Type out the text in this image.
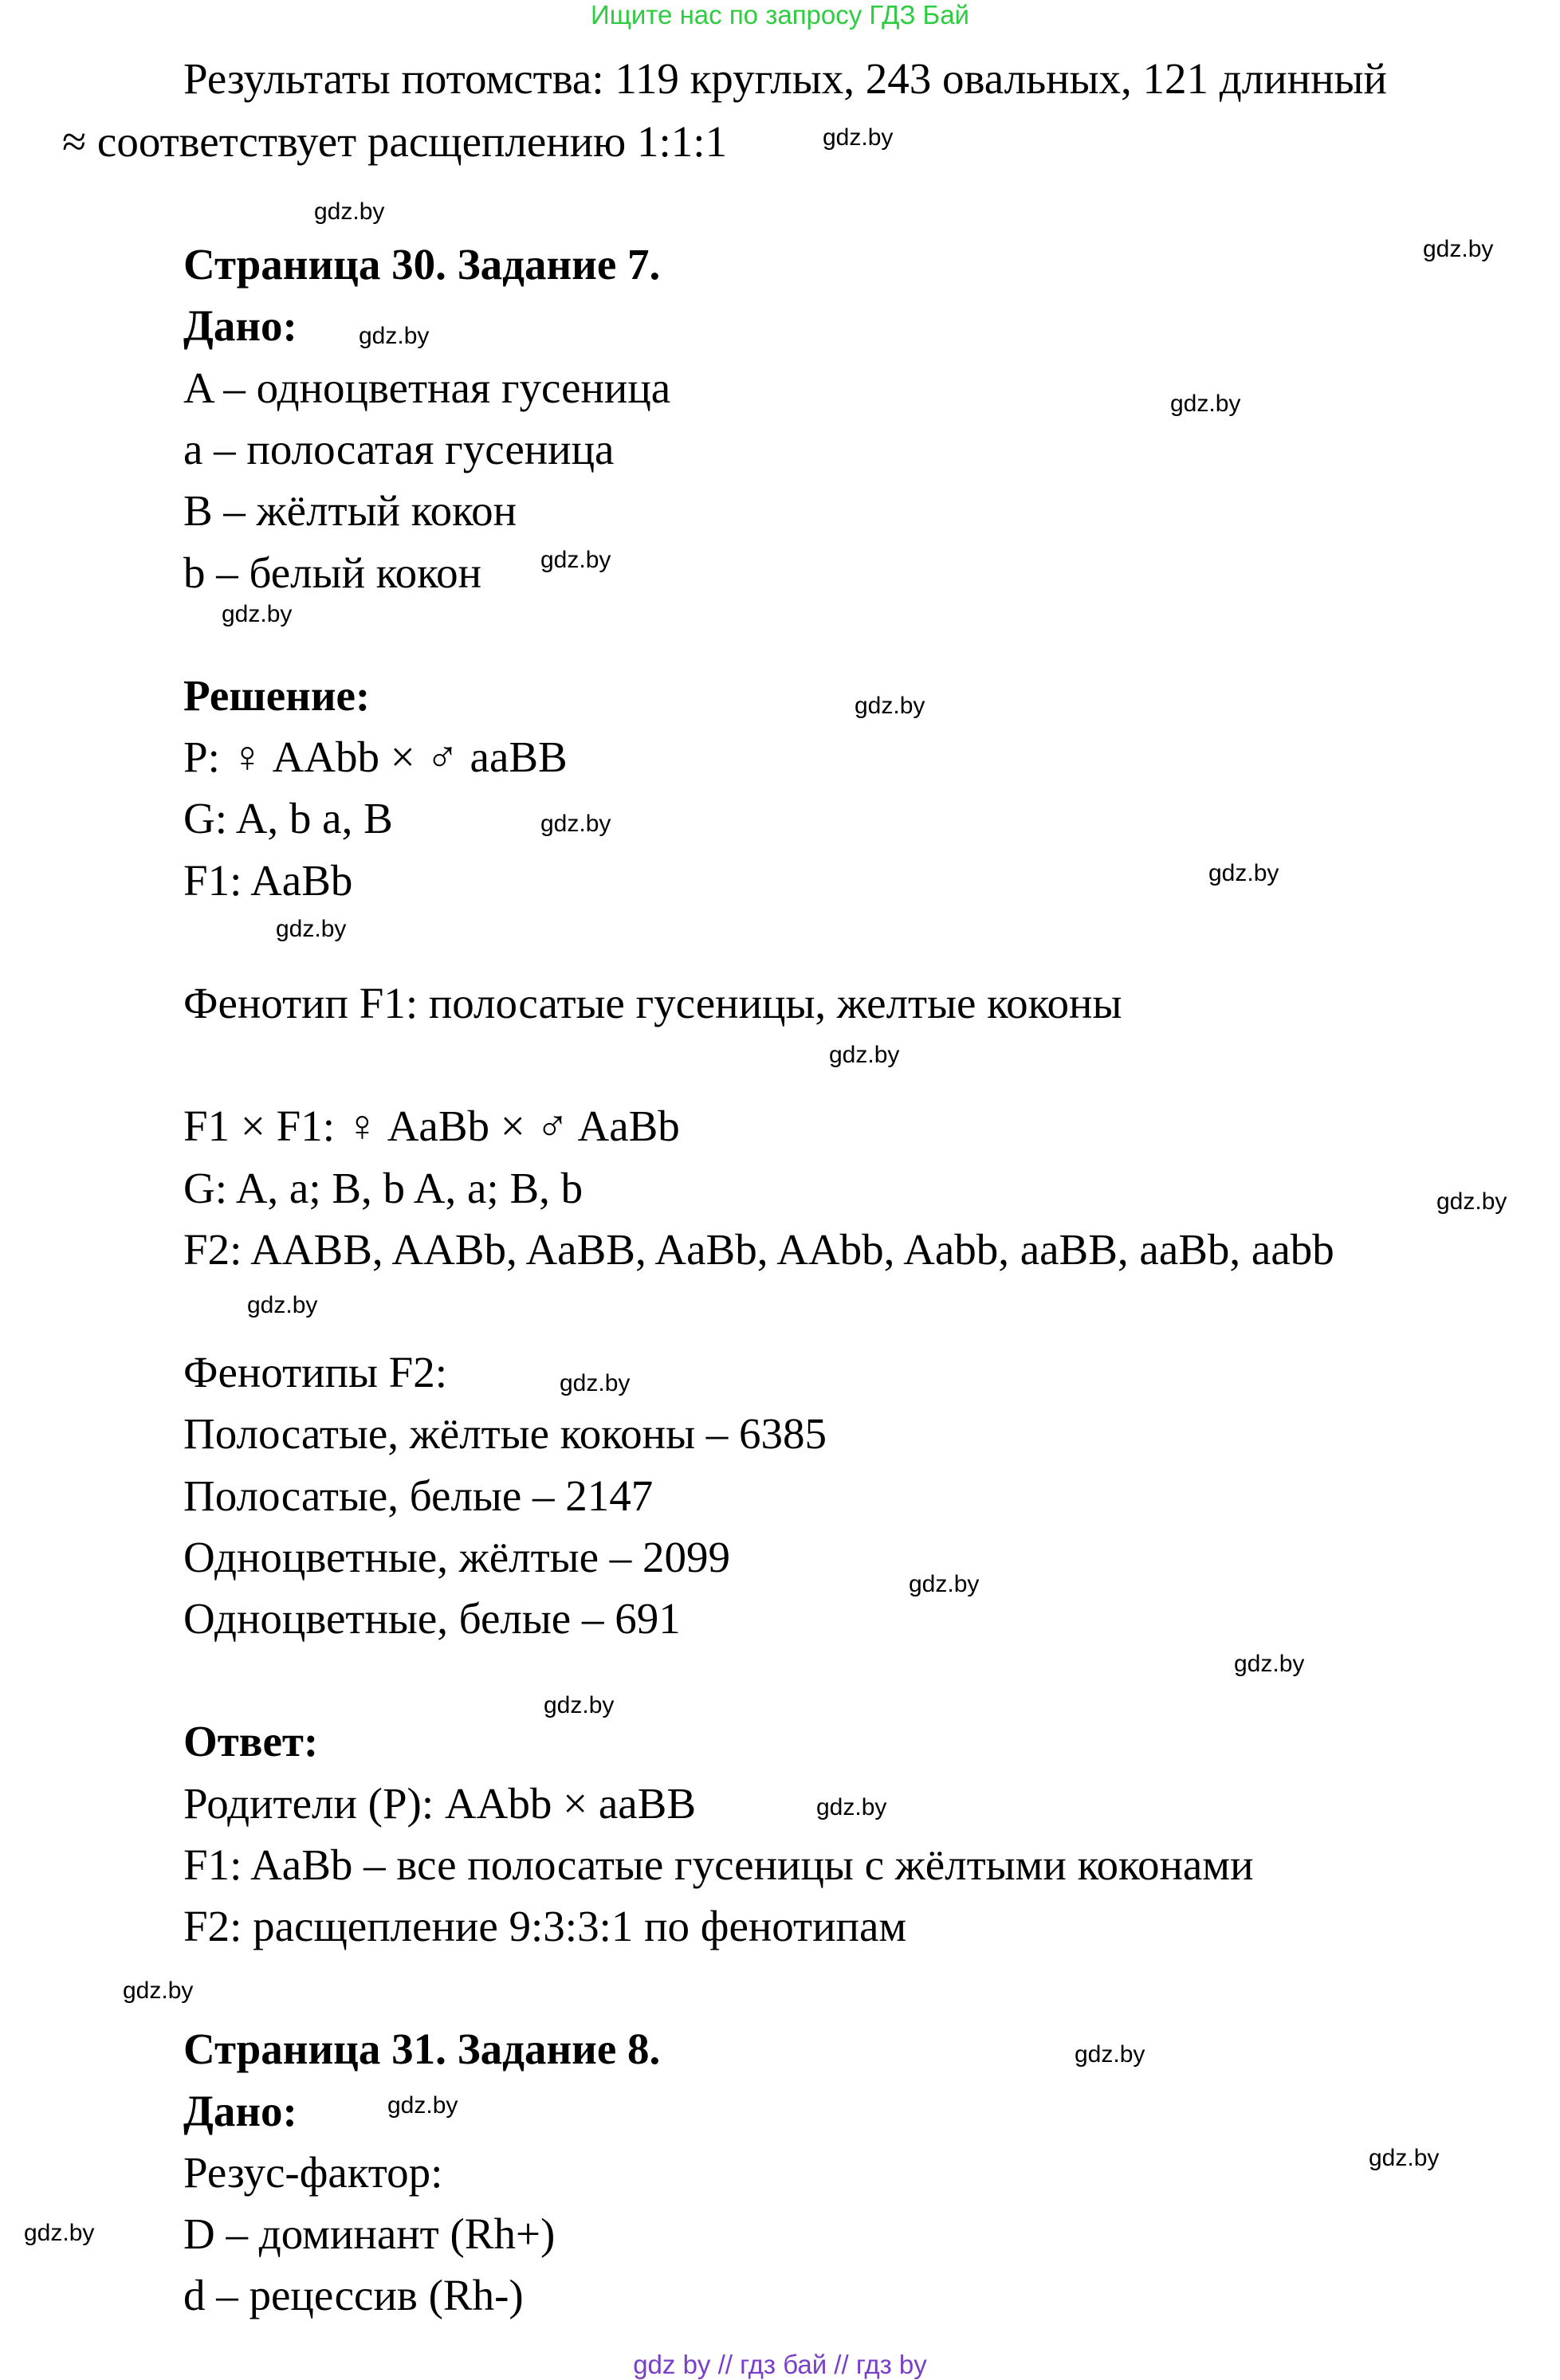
Ищите нас по запросу ГДЗ Бай
Результаты потомства: 119 круглых, 243 овальных, 121 длинный
≈ соответствует расщеплению 1:1:1
Страница 30. Задание 7.
Дано:
A – одноцветная гусеница
a – полосатая гусеница
B – жёлтый кокон
b – белый кокон
Решение:
P: ♀ AAbb × ♂ aaBB
G: A, b a, B
F1: AaBb
Фенотип F1: полосатые гусеницы, желтые коконы
F1 × F1: ♀ AaBb × ♂ AaBb
G: A, a; B, b A, a; B, b
F2: AABB, AABb, AaBB, AaBb, AAbb, Aabb, aaBB, aaBb, aabb
Фенотипы F2:
Полосатые, жёлтые коконы – 6385
Полосатые, белые – 2147
Одноцветные, жёлтые – 2099
Одноцветные, белые – 691
Ответ:
Родители (P): AAbb × aaBB
F1: AaBb – все полосатые гусеницы с жёлтыми коконами
F2: расщепление 9:3:3:1 по фенотипам
Страница 31. Задание 8.
Дано:
Резус-фактор:
D – доминант (Rh+)
d – рецессив (Rh-)
gdz.by
gdz.by
gdz.by
gdz.by
gdz.by
gdz.by
gdz.by
gdz.by
gdz.by
gdz.by
gdz.by
gdz.by
gdz.by
gdz.by
gdz.by
gdz.by
gdz.by
gdz.by
gdz.by
gdz.by
gdz.by
gdz.by
gdz.by
gdz.by
gdz by // гдз бай // гдз by
